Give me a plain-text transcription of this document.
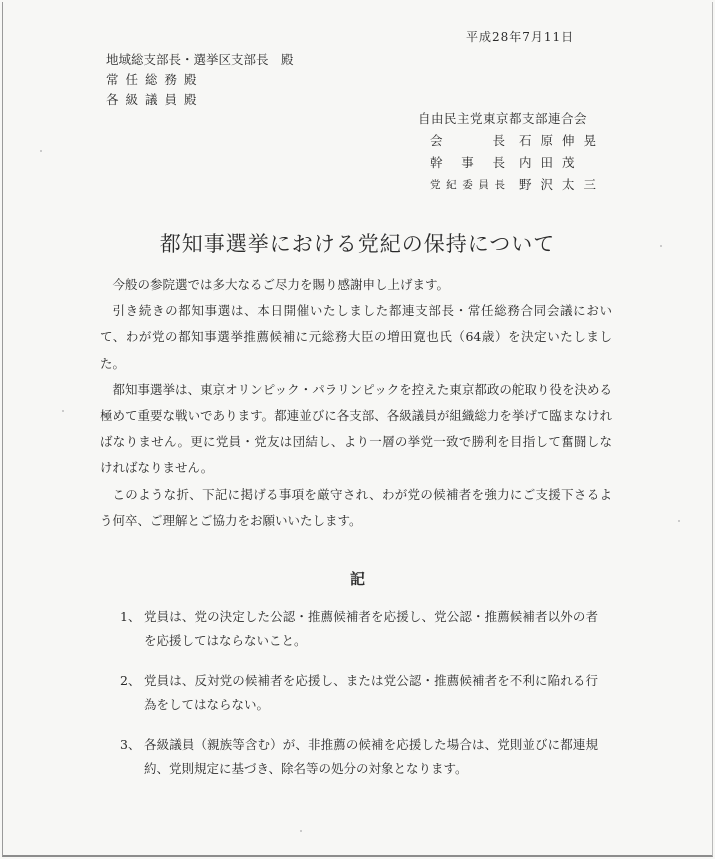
平成28年7月11日
地域総支部長・選挙区支部長　殿
常任総務殿
各級議員殿
自由民主党東京都支部連合会
会長 石原伸晃
幹事長 内田茂
党紀委員長 野沢太三
都知事選挙における党紀の保持について

今般の参院選では多大なるご尽力を賜り感謝申し上げます。

引き続きの都知事選は、本日開催いたしました都連支部長・常任総務合同会議において、わが党の都知事選挙推薦候補に元総務大臣の増田寛也氏（64歳）を決定いたしました。

都知事選挙は、東京オリンピック・パラリンピックを控えた東京都政の舵取り役を決める極めて重要な戦いであります。都連並びに各支部、各級議員が組織総力を挙げて臨まなければなりません。更に党員・党友は団結し、より一層の挙党一致で勝利を目指して奮闘しなければなりません。

このような折、下記に掲げる事項を厳守され、わが党の候補者を強力にご支援下さるよう何卒、ご理解とご協力をお願いいたします。

記
1、 党員は、党の決定した公認・推薦候補者を応援し、党公認・推薦候補者以外の者を応援してはならないこと。
2、 党員は、反対党の候補者を応援し、または党公認・推薦候補者を不利に陥れる行為をしてはならない。
3、 各級議員（親族等含む）が、非推薦の候補を応援した場合は、党則並びに都連規約、党則規定に基づき、除名等の処分の対象となります。
